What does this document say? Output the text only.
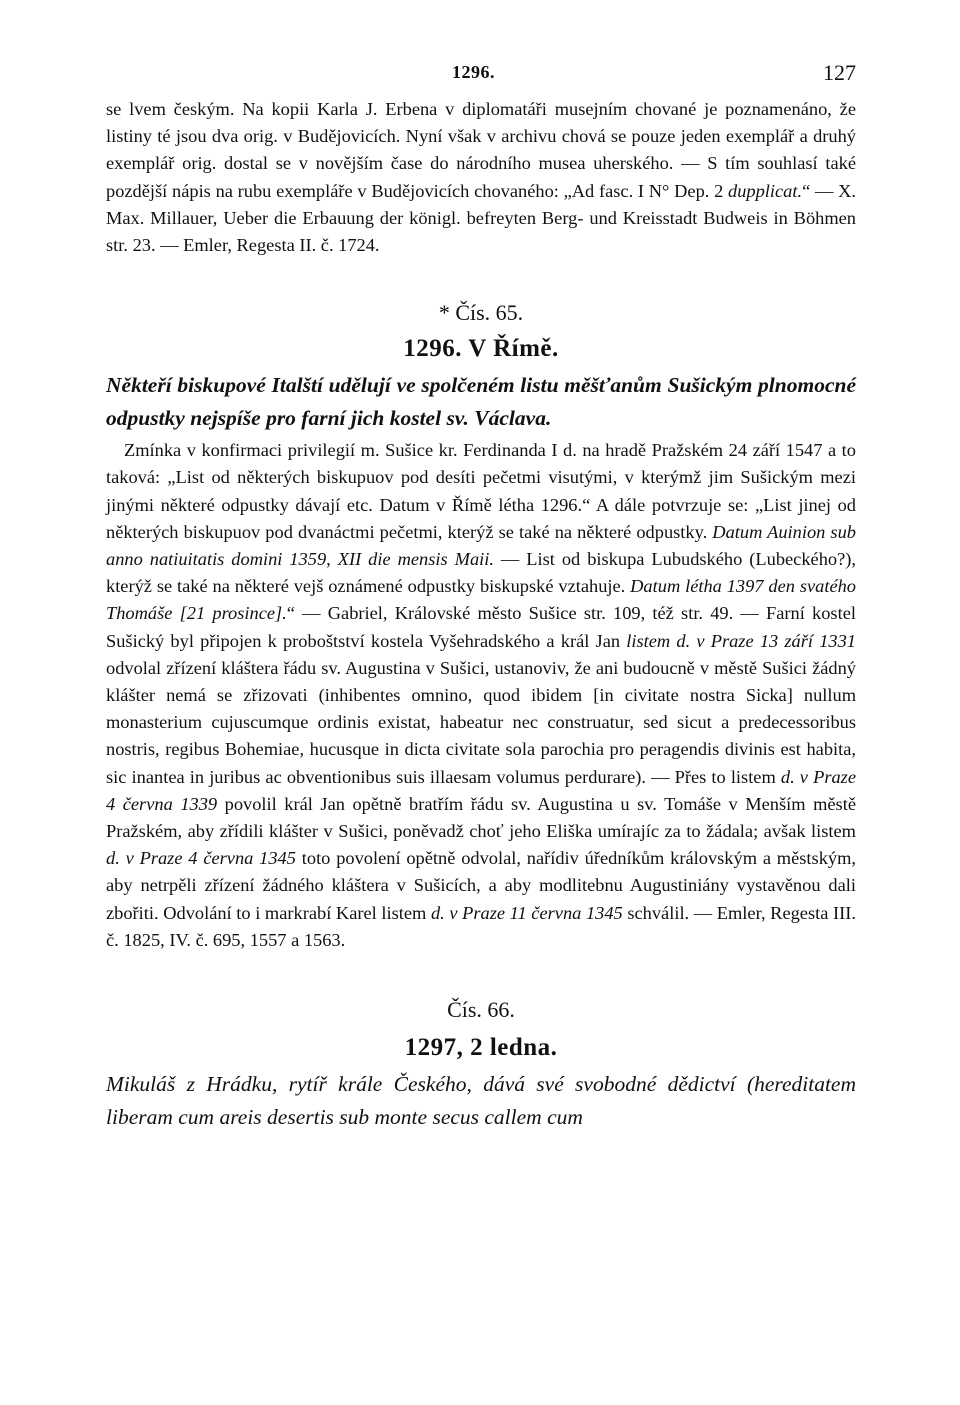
1296.	127

se lvem českým. Na kopii Karla J. Erbena v diplomatáři musejním chované je poznamenáno, že listiny té jsou dva orig. v Budějovicích. Nyní však v archivu chová se pouze jeden exemplář a druhý exemplář orig. dostal se v novějším čase do národního musea uherského. — S tím souhlasí také pozdější nápis na rubu exempláře v Budějovicích chovaného: „Ad fasc. I N° Dep. 2 dupplicat.“ — X. Max. Millauer, Ueber die Erbauung der königl. befreyten Berg- und Kreisstadt Budweis in Böhmen str. 23. — Emler, Regesta II. č. 1724.

* Čís. 65.

1296. V Římě.

Někteří biskupové Italští udělují ve spolčeném listu měšťanům Sušickým plnomocné odpustky nejspíše pro farní jich kostel sv. Václava.

Zmínka v konfirmaci privilegií m. Sušice kr. Ferdinanda I d. na hradě Pražském 24 září 1547 a to taková: „List od některých biskupuov pod desíti pečetmi visutými, v kterýmž jim Sušickým mezi jinými některé odpustky dávají etc. Datum v Římě létha 1296.“ A dále potvrzuje se: „List jinej od některých biskupuov pod dvanáctmi pečetmi, kterýž se také na některé odpustky. Datum Auinion sub anno natiuitatis domini 1359, XII die mensis Maii. — List od biskupa Lubudského (Lubeckého?), kterýž se také na některé vejš oznámené odpustky biskupské vztahuje. Datum létha 1397 den svatého Thomáše [21 prosince].“ — Gabriel, Královské město Sušice str. 109, též str. 49. — Farní kostel Sušický byl připojen k proboštství kostela Vyšehradského a král Jan listem d. v Praze 13 září 1331 odvolal zřízení kláštera řádu sv. Augustina v Sušici, ustanoviv, že ani budoucně v městě Sušici žádný klášter nemá se zřizovati (inhibentes omnino, quod ibidem [in civitate nostra Sicka] nullum monasterium cujuscumque ordinis existat, habeatur nec construatur, sed sicut a predecessoribus nostris, regibus Bohemiae, hucusque in dicta civitate sola parochia pro peragendis divinis est habita, sic inantea in juribus ac obventionibus suis illaesam volumus perdurare). — Přes to listem d. v Praze 4 června 1339 povolil král Jan opětně bratřím řádu sv. Augustina u sv. Tomáše v Menším městě Pražském, aby zřídili klášter v Sušici, poněvadž choť jeho Eliška umírajíc za to žádala; avšak listem d. v Praze 4 června 1345 toto povolení opětně odvolal, nařídiv úředníkům královským a městským, aby netrpěli zřízení žádného kláštera v Sušicích, a aby modlitebnu Augustiniány vystavěnou dali zbořiti. Odvolání to i markrabí Karel listem d. v Praze 11 června 1345 schválil. — Emler, Regesta III. č. 1825, IV. č. 695, 1557 a 1563.

Čís. 66.

1297, 2 ledna.

Mikuláš z Hrádku, rytíř krále Českého, dává své svobodné dědictví (hereditatem liberam cum areis desertis sub monte secus callem cum
